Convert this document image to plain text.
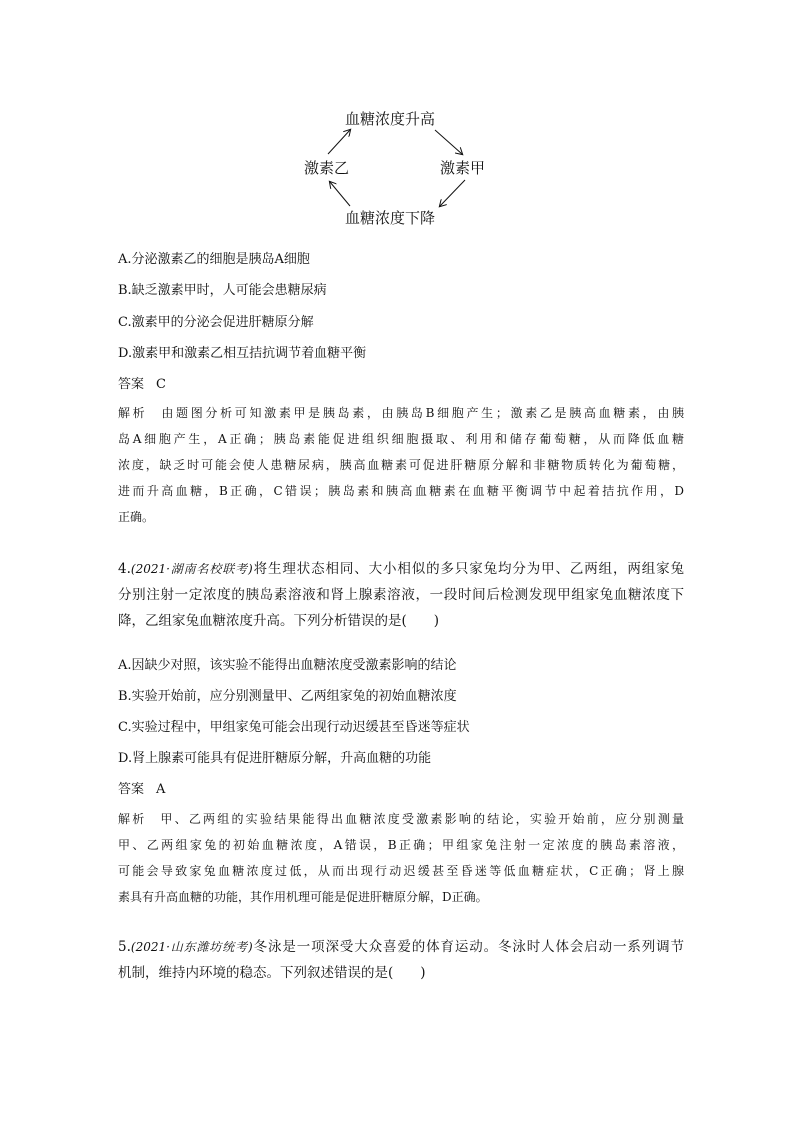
血糖浓度升高
激素甲
激素乙
血糖浓度下降
A.分泌激素乙的细胞是胰岛A细胞
B.缺乏激素甲时，人可能会患糖尿病
C.激素甲的分泌会促进肝糖原分解
D.激素甲和激素乙相互拮抗调节着血糖平衡
答案 C
解析 由题图分析可知激素甲是胰岛素，由胰岛B细胞产生；激素乙是胰高血糖素，由胰
岛A细胞产生，A正确；胰岛素能促进组织细胞摄取、利用和储存葡萄糖，从而降低血糖
浓度，缺乏时可能会使人患糖尿病，胰高血糖素可促进肝糖原分解和非糖物质转化为葡萄糖，
进而升高血糖，B正确，C错误；胰岛素和胰高血糖素在血糖平衡调节中起着拮抗作用，D
正确。
4.(2021·湖南名校联考)将生理状态相同、大小相似的多只家兔均分为甲、乙两组，两组家兔
分别注射一定浓度的胰岛素溶液和肾上腺素溶液，一段时间后检测发现甲组家兔血糖浓度下
降，乙组家兔血糖浓度升高。下列分析错误的是(　　)
A.因缺少对照，该实验不能得出血糖浓度受激素影响的结论
B.实验开始前，应分别测量甲、乙两组家兔的初始血糖浓度
C.实验过程中，甲组家兔可能会出现行动迟缓甚至昏迷等症状
D.肾上腺素可能具有促进肝糖原分解，升高血糖的功能
答案 A
解析 甲、乙两组的实验结果能得出血糖浓度受激素影响的结论，实验开始前，应分别测量
甲、乙两组家兔的初始血糖浓度，A错误，B正确；甲组家兔注射一定浓度的胰岛素溶液，
可能会导致家兔血糖浓度过低，从而出现行动迟缓甚至昏迷等低血糖症状，C正确；肾上腺
素具有升高血糖的功能，其作用机理可能是促进肝糖原分解，D正确。
5.(2021·山东潍坊统考)冬泳是一项深受大众喜爱的体育运动。冬泳时人体会启动一系列调节
机制，维持内环境的稳态。下列叙述错误的是(　　)
